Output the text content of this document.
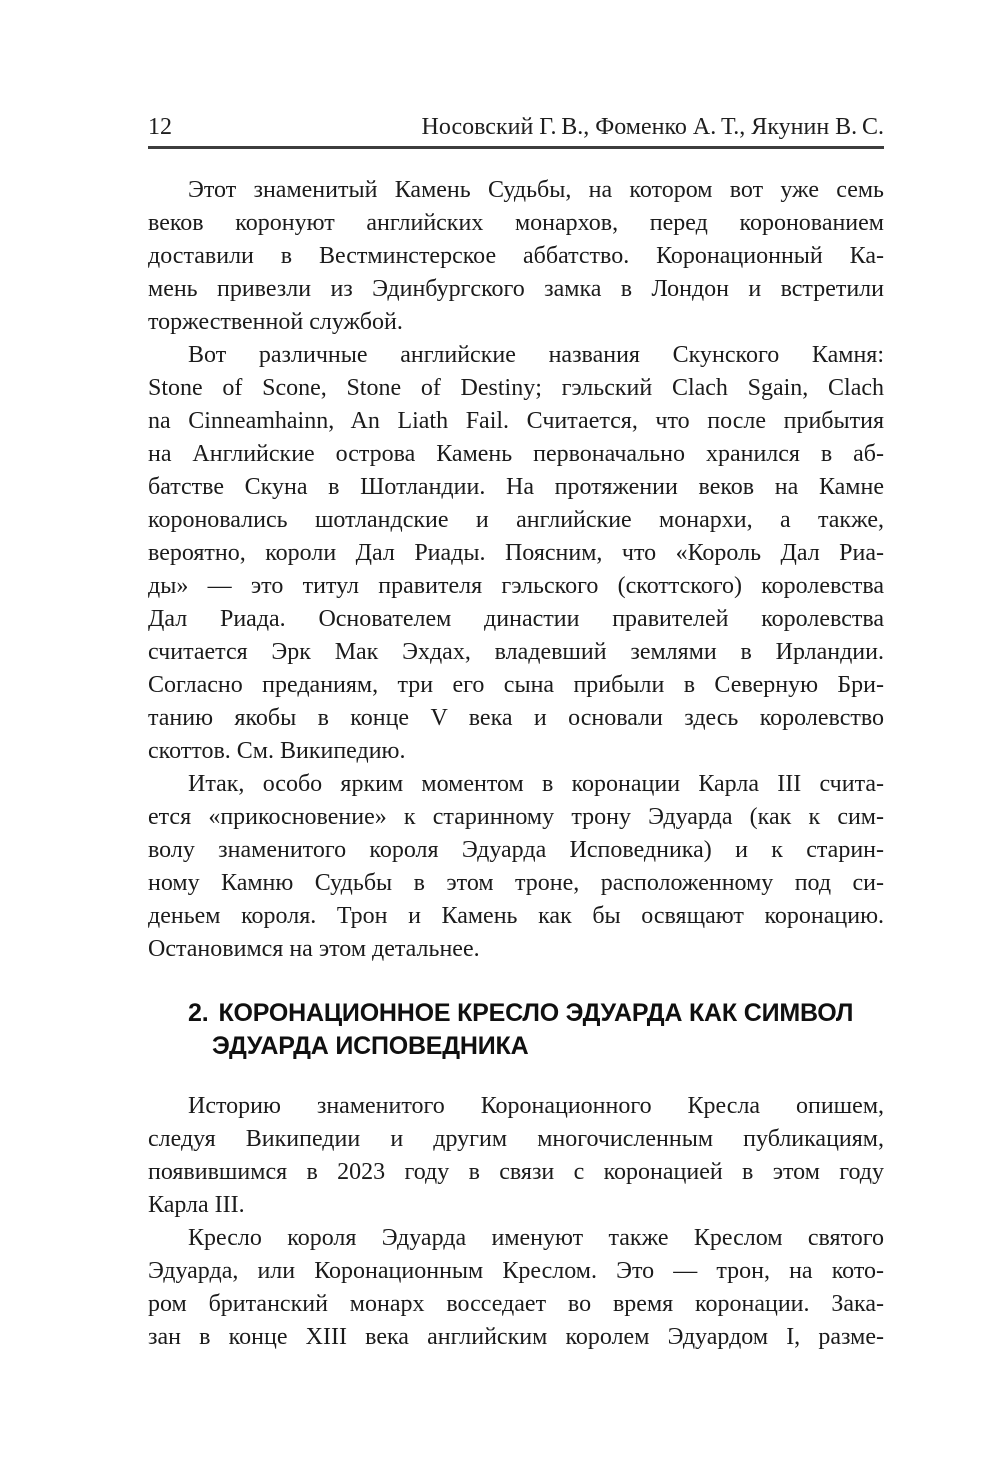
12	Носовский Г. В., Фоменко А. Т., Якунин В. С.
Этот знаменитый Камень Судьбы, на котором вот уже семь
веков коронуют английских монархов, перед коронованием
доставили в Вестминстерское аббатство. Коронационный Ка-
мень привезли из Эдинбургского замка в Лондон и встретили
торжественной службой.
Вот различные английские названия Скунского Камня:
Stone of Scone, Stone of Destiny; гэльский Clach Sgain, Clach
na Cinneamhainn, An Liath Fail. Считается, что после прибытия
на Английские острова Камень первоначально хранился в аб-
батстве Скуна в Шотландии. На протяжении веков на Камне
короновались шотландские и английские монархи, а также,
вероятно, короли Дал Риады. Поясним, что «Король Дал Риа-
ды» — это титул правителя гэльского (скоттского) королевства
Дал Риада. Основателем династии правителей королевства
считается Эрк Мак Эхдах, владевший землями в Ирландии.
Согласно преданиям, три его сына прибыли в Северную Бри-
танию якобы в конце V века и основали здесь королевство
скоттов. См. Википедию.
Итак, особо ярким моментом в коронации Карла III счита-
ется «прикосновение» к старинному трону Эдуарда (как к сим-
волу знаменитого короля Эдуарда Исповедника) и к старин-
ному Камню Судьбы в этом троне, расположенному под си-
деньем короля. Трон и Камень как бы освящают коронацию.
Остановимся на этом детальнее.
2. КОРОНАЦИОННОЕ КРЕСЛО ЭДУАРДА КАК СИМВОЛ
ЭДУАРДА ИСПОВЕДНИКА
Историю знаменитого Коронационного Кресла опишем,
следуя Википедии и другим многочисленным публикациям,
появившимся в 2023 году в связи с коронацией в этом году
Карла III.
Кресло короля Эдуарда именуют также Креслом святого
Эдуарда, или Коронационным Креслом. Это — трон, на кото-
ром британский монарх восседает во время коронации. Зака-
зан в конце XIII века английским королем Эдуардом I, разме-
